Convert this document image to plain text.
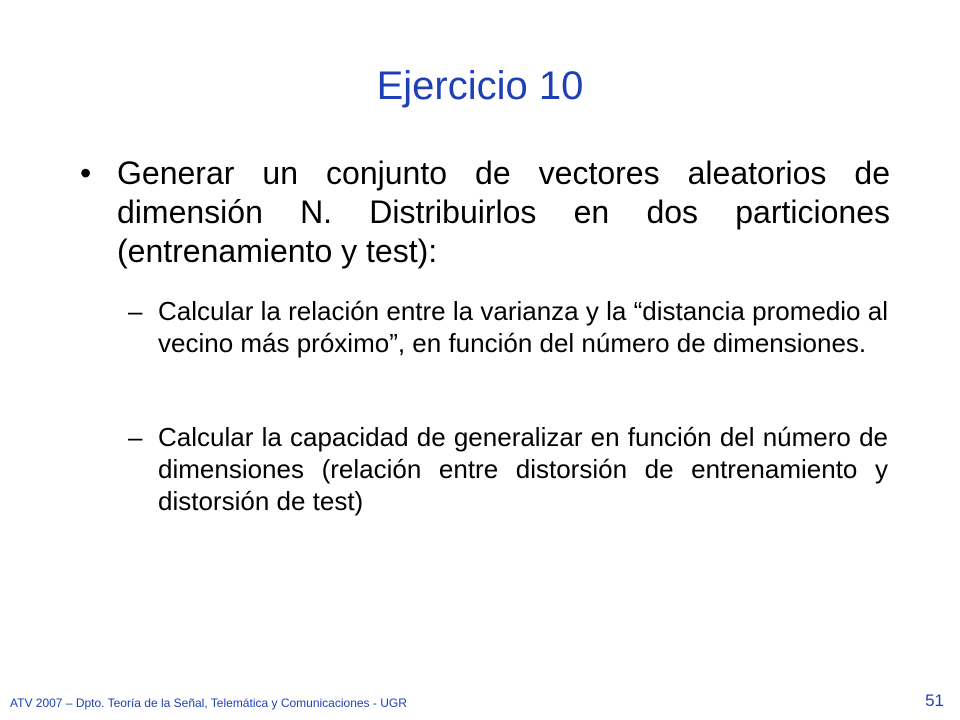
Ejercicio 10
• Generar un conjunto de vectores aleatorios de dimensión N. Distribuirlos en dos particiones (entrenamiento y test):
– Calcular la relación entre la varianza y la “distancia promedio al vecino más próximo”, en función del número de dimensiones.
– Calcular la capacidad de generalizar en función del número de dimensiones (relación entre distorsión de entrenamiento y distorsión de test)
ATV 2007 – Dpto. Teoría de la Señal, Telemática y Comunicaciones - UGR	51
